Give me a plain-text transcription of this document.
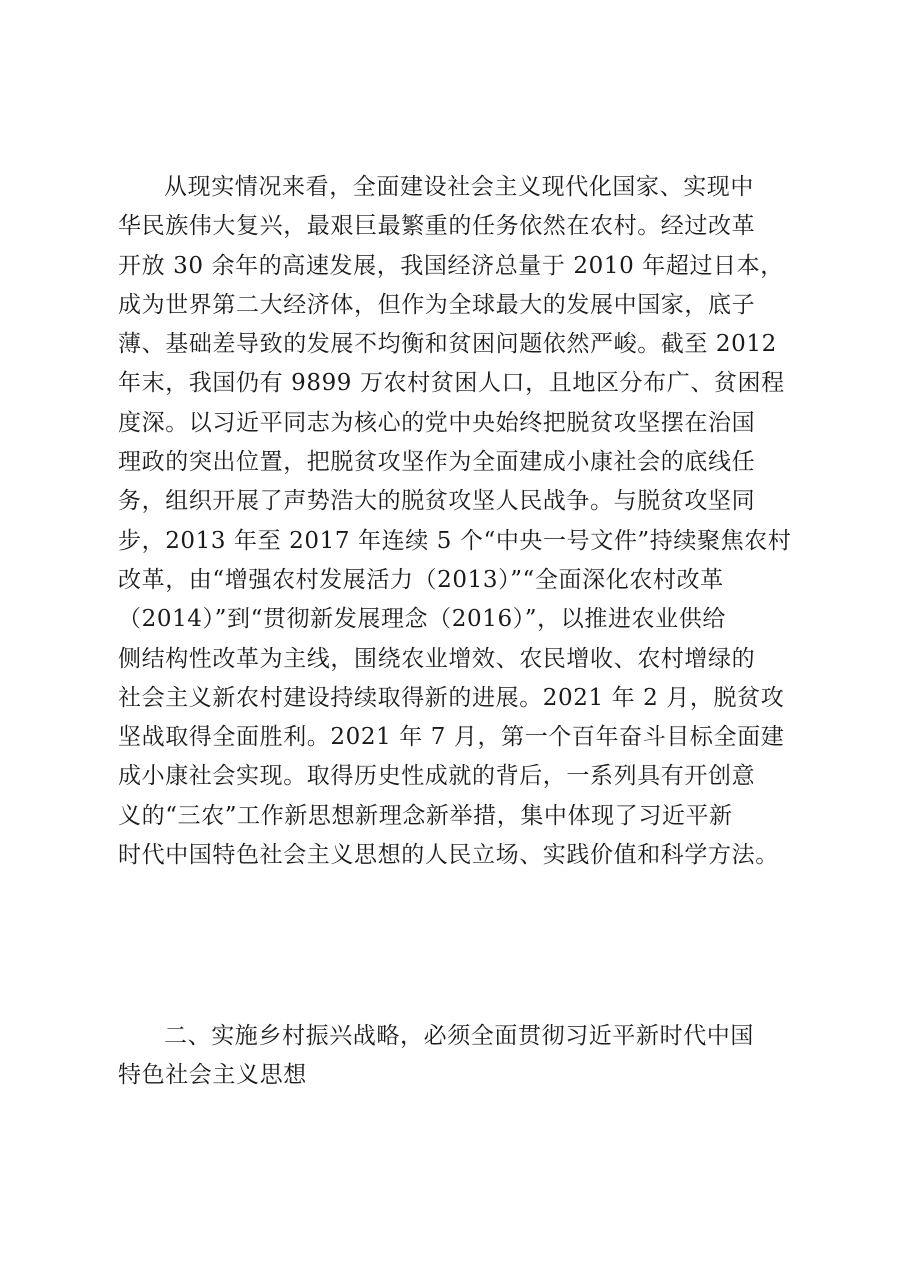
从现实情况来看，全面建设社会主义现代化国家、实现中
华民族伟大复兴，最艰巨最繁重的任务依然在农村。经过改革
开放 30 余年的高速发展，我国经济总量于 2010 年超过日本，
成为世界第二大经济体，但作为全球最大的发展中国家，底子
薄、基础差导致的发展不均衡和贫困问题依然严峻。截至 2012
年末，我国仍有 9899 万农村贫困人口，且地区分布广、贫困程
度深。以习近平同志为核心的党中央始终把脱贫攻坚摆在治国
理政的突出位置，把脱贫攻坚作为全面建成小康社会的底线任
务，组织开展了声势浩大的脱贫攻坚人民战争。与脱贫攻坚同
步，2013 年至 2017 年连续 5 个“中央一号文件”持续聚焦农村
改革，由“增强农村发展活力（2013）”“全面深化农村改革
（2014）”到“贯彻新发展理念（2016）”，以推进农业供给
侧结构性改革为主线，围绕农业增效、农民增收、农村增绿的
社会主义新农村建设持续取得新的进展。2021 年 2 月，脱贫攻
坚战取得全面胜利。2021 年 7 月，第一个百年奋斗目标全面建
成小康社会实现。取得历史性成就的背后，一系列具有开创意
义的“三农”工作新思想新理念新举措，集中体现了习近平新
时代中国特色社会主义思想的人民立场、实践价值和科学方法。
二、实施乡村振兴战略，必须全面贯彻习近平新时代中国
特色社会主义思想
